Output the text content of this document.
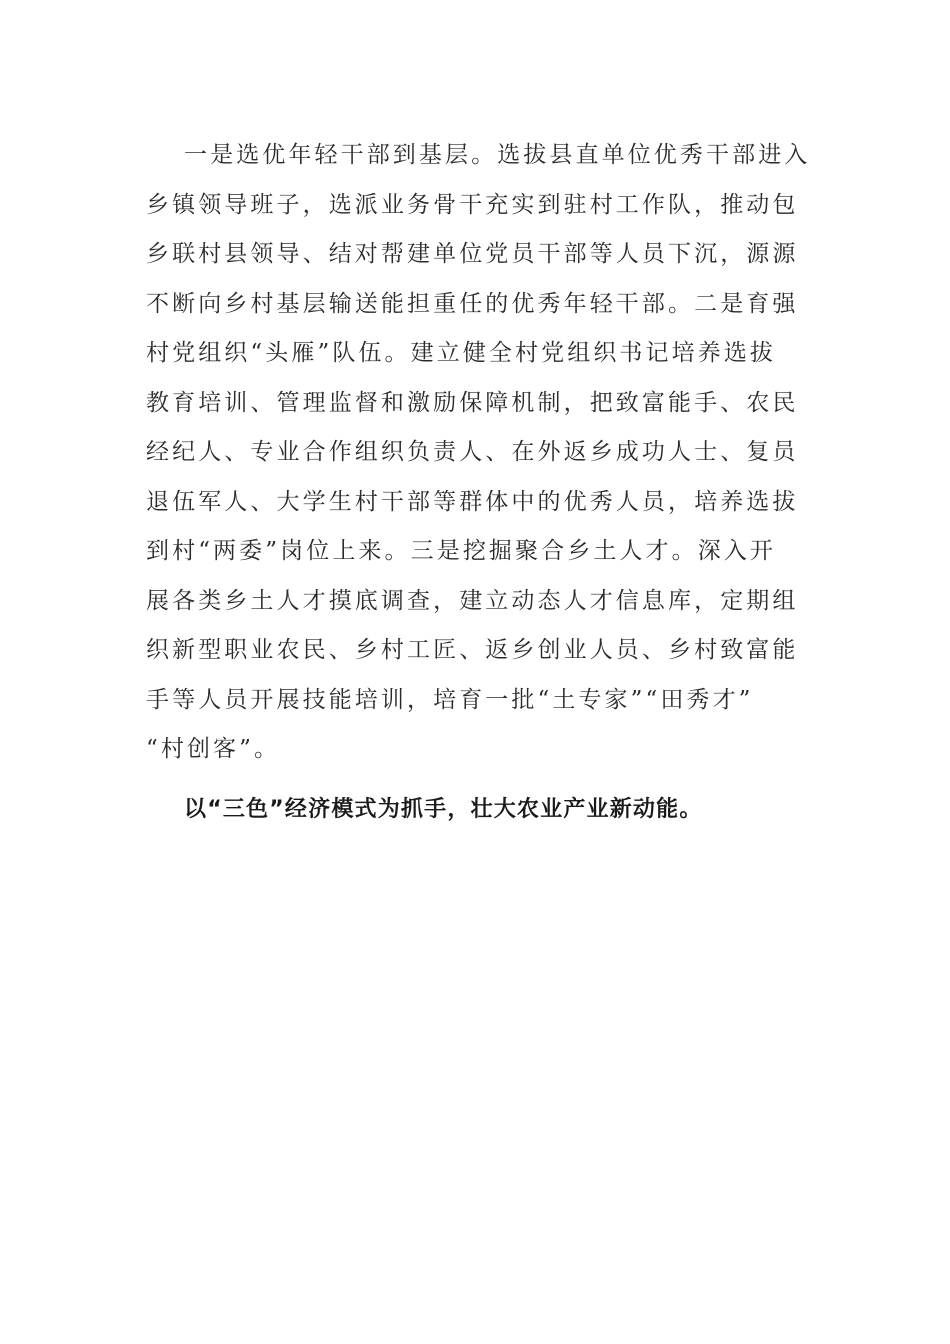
一是选优年轻干部到基层。选拔县直单位优秀干部进入
乡镇领导班子，选派业务骨干充实到驻村工作队，推动包
乡联村县领导、结对帮建单位党员干部等人员下沉，源源
不断向乡村基层输送能担重任的优秀年轻干部。二是育强
村党组织“头雁”队伍。建立健全村党组织书记培养选拔
教育培训、管理监督和激励保障机制，把致富能手、农民
经纪人、专业合作组织负责人、在外返乡成功人士、复员
退伍军人、大学生村干部等群体中的优秀人员，培养选拔
到村“两委”岗位上来。三是挖掘聚合乡土人才。深入开
展各类乡土人才摸底调查，建立动态人才信息库，定期组
织新型职业农民、乡村工匠、返乡创业人员、乡村致富能
手等人员开展技能培训，培育一批“土专家”“田秀才”
“村创客”。
以“三色”经济模式为抓手，壮大农业产业新动能。
